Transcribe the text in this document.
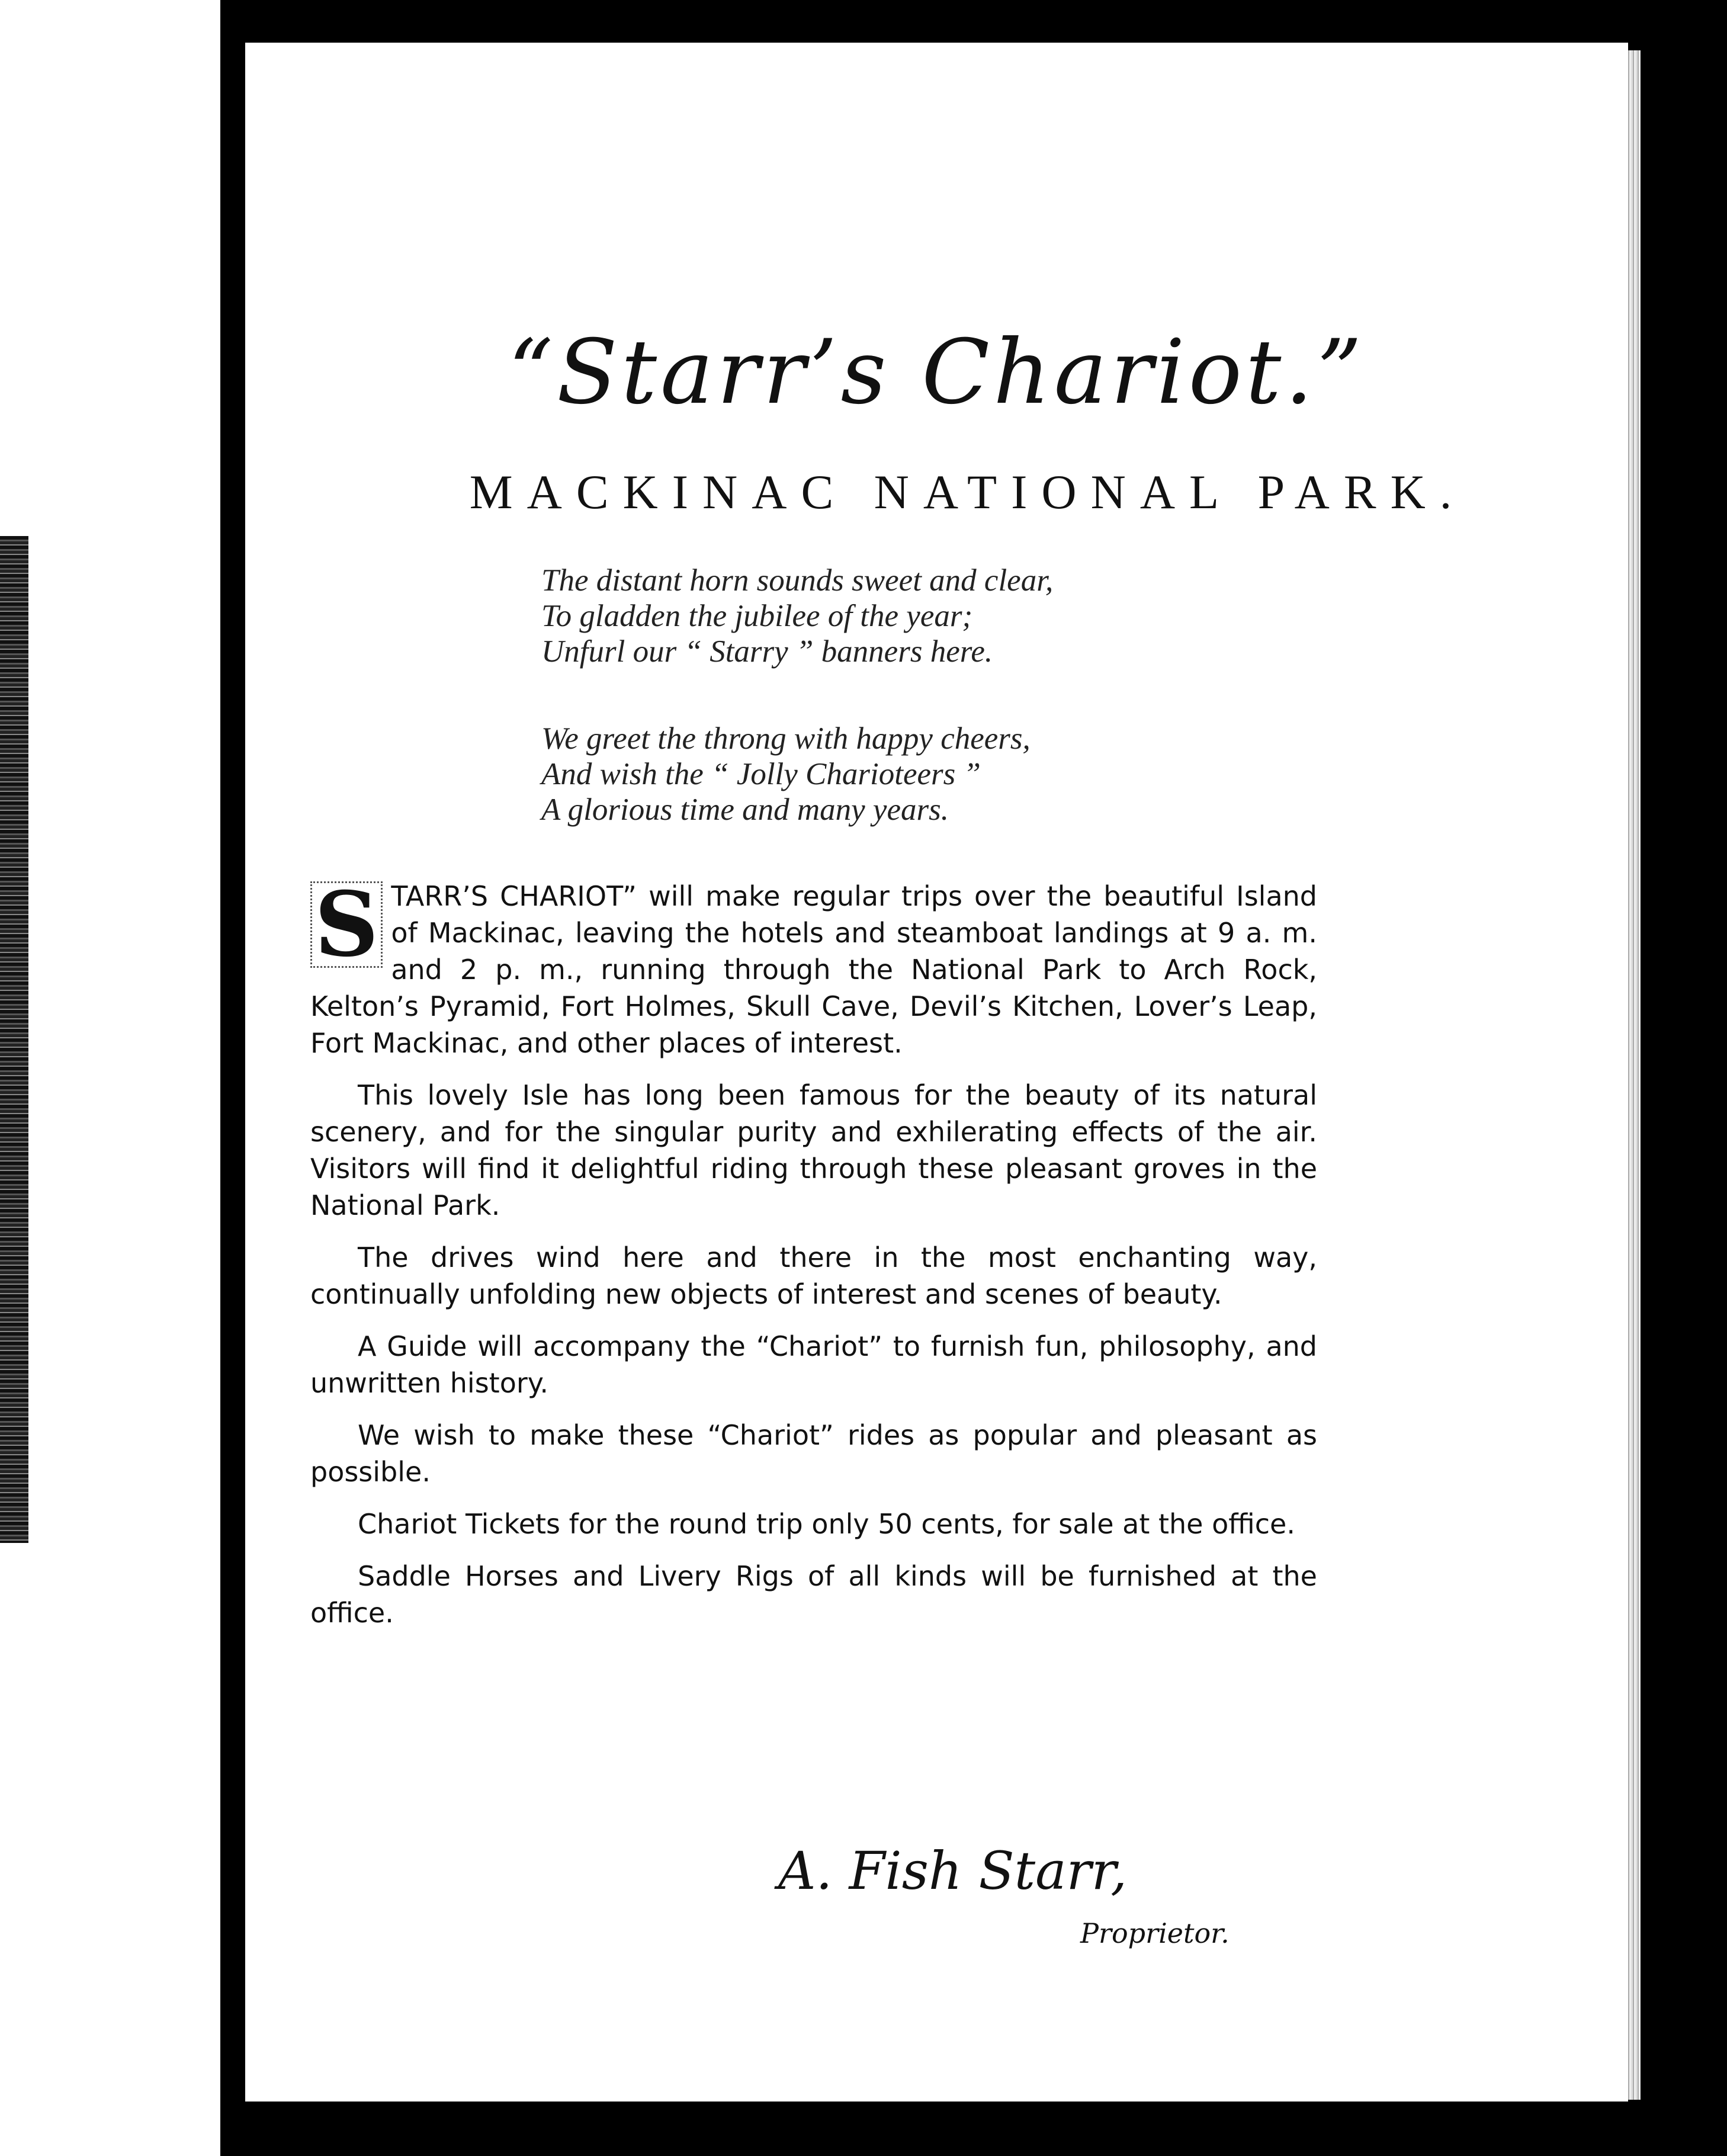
“Starr’s Chariot.”
MACKINAC NATIONAL PARK.
The distant horn sounds sweet and clear,
To gladden the jubilee of the year;
Unfurl our “ Starry ” banners here.
We greet the throng with happy cheers,
And wish the “ Jolly Charioteers ”
A glorious time and many years.

S TARR’S CHARIOT” will make regular trips over the beautiful Island of Mackinac, leaving the hotels and steamboat landings at 9 a. m. and 2 p. m., running through the National Park to Arch Rock, Kelton’s Pyramid, Fort Holmes, Skull Cave, Devil’s Kitchen, Lover’s Leap, Fort Mackinac, and other places of interest.

This lovely Isle has long been famous for the beauty of its natural scenery, and for the singular purity and exhilerating effects of the air. Visitors will find it delightful riding through these pleasant groves in the National Park.

The drives wind here and there in the most enchanting way, continually unfolding new objects of interest and scenes of beauty.

A Guide will accompany the “Chariot” to furnish fun, philosophy, and unwritten history.

We wish to make these “Chariot” rides as popular and pleasant as possible.

Chariot Tickets for the round trip only 50 cents, for sale at the office.

Saddle Horses and Livery Rigs of all kinds will be furnished at the office.

A. Fish Starr,
Proprietor.
